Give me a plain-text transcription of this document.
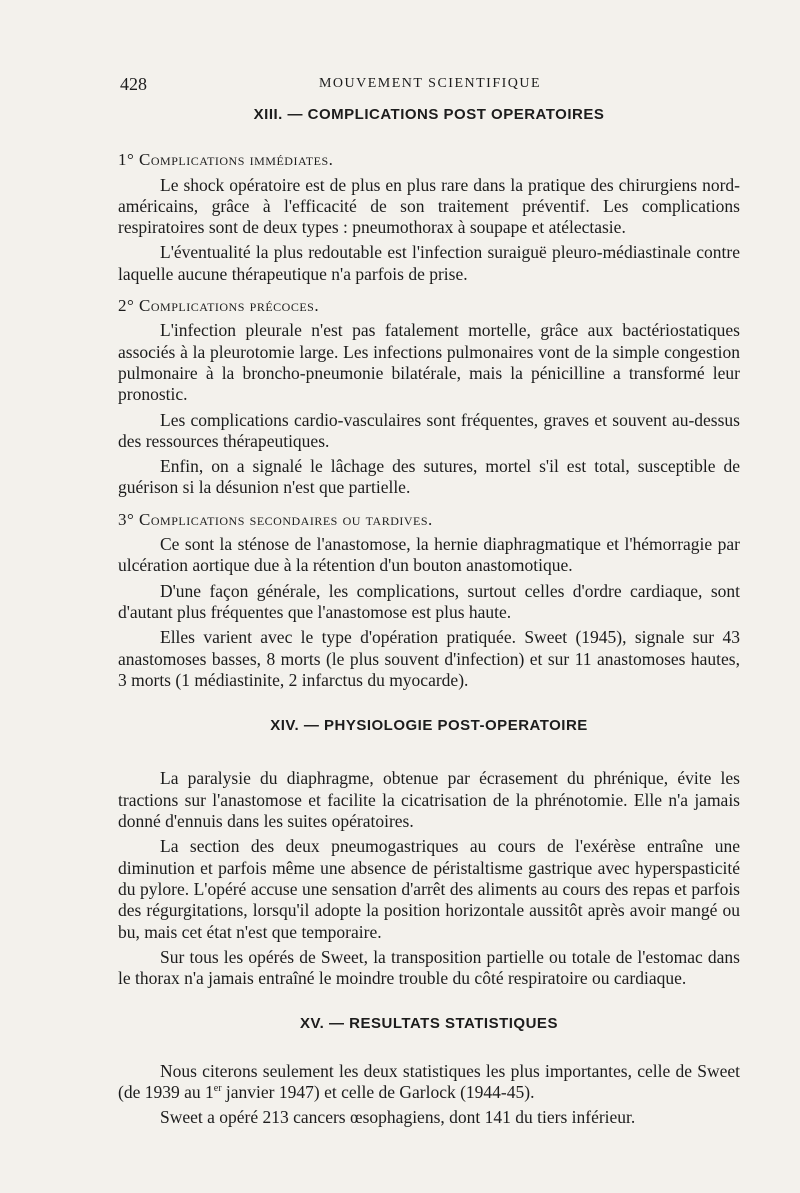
428	MOUVEMENT SCIENTIFIQUE
XIII. — COMPLICATIONS POST OPERATOIRES
1° Complications immédiates.

Le shock opératoire est de plus en plus rare dans la pratique des chirurgiens nord-américains, grâce à l'efficacité de son traitement préventif. Les complications respiratoires sont de deux types : pneumothorax à soupape et atélectasie.

L'éventualité la plus redoutable est l'infection suraiguë pleuro-médiastinale contre laquelle aucune thérapeutique n'a parfois de prise.

2° Complications précoces.

L'infection pleurale n'est pas fatalement mortelle, grâce aux bactériostatiques associés à la pleurotomie large. Les infections pulmonaires vont de la simple congestion pulmonaire à la broncho-pneumonie bilatérale, mais la pénicilline a transformé leur pronostic.

Les complications cardio-vasculaires sont fréquentes, graves et souvent au-dessus des ressources thérapeutiques.

Enfin, on a signalé le lâchage des sutures, mortel s'il est total, susceptible de guérison si la désunion n'est que partielle.

3° Complications secondaires ou tardives.

Ce sont la sténose de l'anastomose, la hernie diaphragmatique et l'hémorragie par ulcération aortique due à la rétention d'un bouton anastomotique.

D'une façon générale, les complications, surtout celles d'ordre cardiaque, sont d'autant plus fréquentes que l'anastomose est plus haute.

Elles varient avec le type d'opération pratiquée. Sweet (1945), signale sur 43 anastomoses basses, 8 morts (le plus souvent d'infection) et sur 11 anastomoses hautes, 3 morts (1 médiastinite, 2 infarctus du myocarde).

XIV. — PHYSIOLOGIE POST-OPERATOIRE

La paralysie du diaphragme, obtenue par écrasement du phrénique, évite les tractions sur l'anastomose et facilite la cicatrisation de la phrénotomie. Elle n'a jamais donné d'ennuis dans les suites opératoires.

La section des deux pneumogastriques au cours de l'exérèse entraîne une diminution et parfois même une absence de péristaltisme gastrique avec hyperspasticité du pylore. L'opéré accuse une sensation d'arrêt des aliments au cours des repas et parfois des régurgitations, lorsqu'il adopte la position horizontale aussitôt après avoir mangé ou bu, mais cet état n'est que temporaire.

Sur tous les opérés de Sweet, la transposition partielle ou totale de l'estomac dans le thorax n'a jamais entraîné le moindre trouble du côté respiratoire ou cardiaque.

XV. — RESULTATS STATISTIQUES

Nous citerons seulement les deux statistiques les plus importantes, celle de Sweet (de 1939 au 1er janvier 1947) et celle de Garlock (1944-45).

Sweet a opéré 213 cancers œsophagiens, dont 141 du tiers inférieur.
